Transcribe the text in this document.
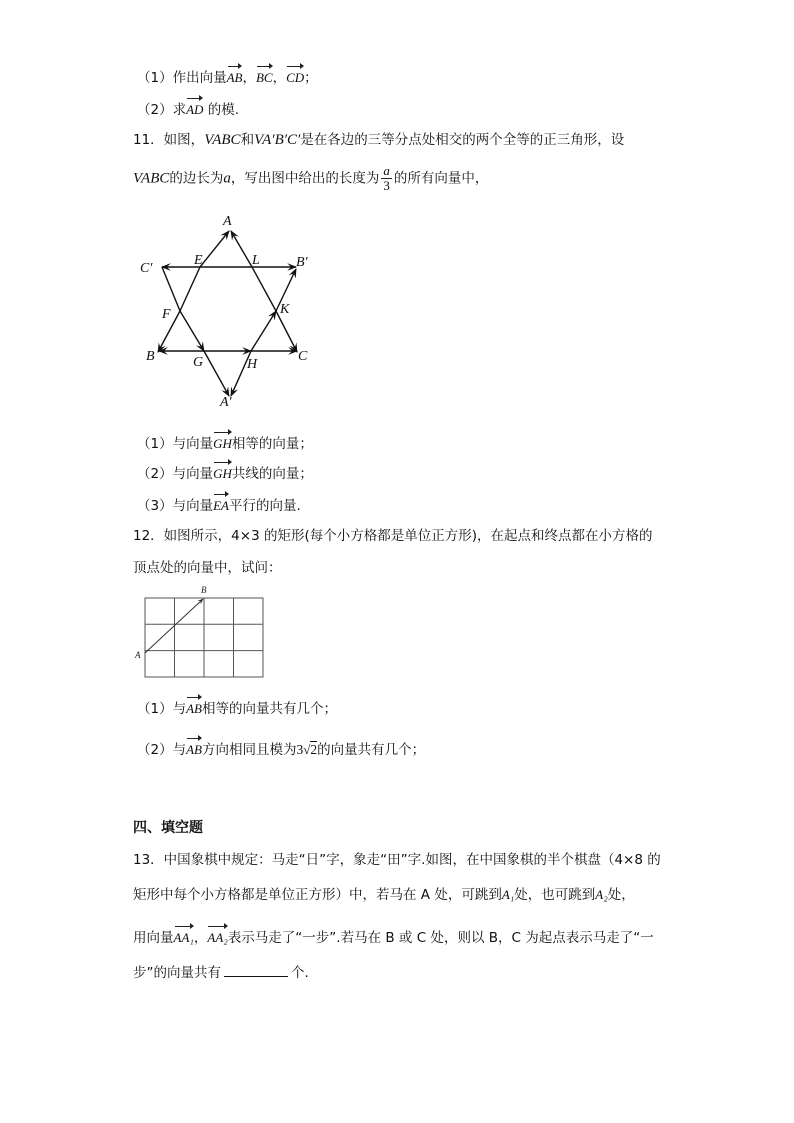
（1）作出向量AB，BC，CD；
（2）求AD 的模.
11．如图，VABC和VA′B′C′是在各边的三等分点处相交的两个全等的正三角形，设
VABC的边长为a，写出图中给出的长度为 $\frac{a}{3}$ 的所有向量中，
A
C′
E	L	B′
F	K
B	G	H
C
A′
（1）与向量GH相等的向量；
（2）与向量GH共线的向量；
（3）与向量EA平行的向量.
12．如图所示，4×3 的矩形(每个小方格都是单位正方形)，在起点和终点都在小方格的
顶点处的向量中，试问：
A
B
（1）与AB相等的向量共有几个；
（2）与AB方向相同且模为3√2的向量共有几个；
四、填空题
13．中国象棋中规定：马走“日”字，象走“田”字.如图，在中国象棋的半个棋盘（4×8 的
矩形中每个小方格都是单位正方形）中，若马在 A 处，可跳到A₁处，也可跳到A₂处，
用向量AA₁，AA₂表示马走了“一步”.若马在 B 或 C 处，则以 B，C 为起点表示马走了“一
步”的向量共有	个.
